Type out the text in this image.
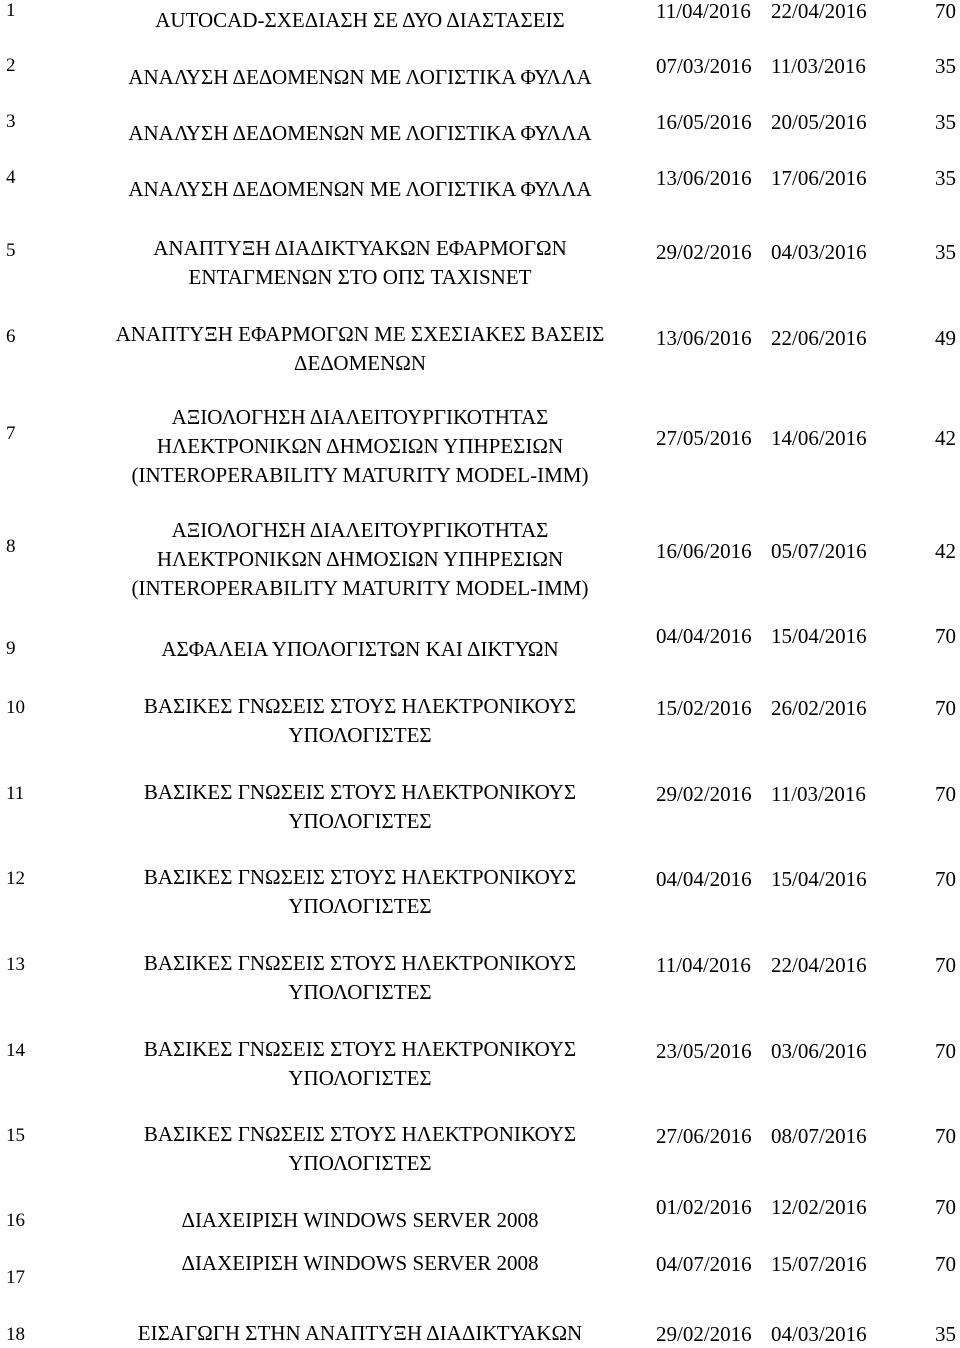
1	AUTOCAD-ΣΧΕΔΙΑΣΗ ΣΕ ΔΥΟ ΔΙΑΣΤΑΣΕΙΣ	11/04/2016 22/04/2016	70
2	ΑΝΑΛΥΣΗ ΔΕΔΟΜΕΝΩΝ ΜΕ ΛΟΓΙΣΤΙΚΑ ΦΥΛΛΑ	07/03/2016 11/03/2016	35
3	ΑΝΑΛΥΣΗ ΔΕΔΟΜΕΝΩΝ ΜΕ ΛΟΓΙΣΤΙΚΑ ΦΥΛΛΑ	16/05/2016 20/05/2016	35
4	ΑΝΑΛΥΣΗ ΔΕΔΟΜΕΝΩΝ ΜΕ ΛΟΓΙΣΤΙΚΑ ΦΥΛΛΑ	13/06/2016 17/06/2016	35
5	ΑΝΑΠΤΥΞΗ ΔΙΑΔΙΚΤΥΑΚΩΝ ΕΦΑΡΜΟΓΩΝ
ΕΝΤΑΓΜΕΝΩΝ ΣΤΟ ΟΠΣ TAXISNET
29/02/2016 04/03/2016	35
6	ΑΝΑΠΤΥΞΗ ΕΦΑΡΜΟΓΩΝ ΜΕ ΣΧΕΣΙΑΚΕΣ ΒΑΣΕΙΣ
ΔΕΔΟΜΕΝΩΝ
13/06/2016 22/06/2016	49
7
ΑΞΙΟΛΟΓΗΣΗ ΔΙΑΛΕΙΤΟΥΡΓΙΚΟΤΗΤΑΣ
ΗΛΕΚΤΡΟΝΙΚΩΝ ΔΗΜΟΣΙΩΝ ΥΠΗΡΕΣΙΩΝ
(INTEROPERABILITY MATURITY MODEL-IMM)
27/05/2016 14/06/2016	42
8
ΑΞΙΟΛΟΓΗΣΗ ΔΙΑΛΕΙΤΟΥΡΓΙΚΟΤΗΤΑΣ
ΗΛΕΚΤΡΟΝΙΚΩΝ ΔΗΜΟΣΙΩΝ ΥΠΗΡΕΣΙΩΝ
(INTEROPERABILITY MATURITY MODEL-IMM)
16/06/2016 05/07/2016	42
9	ΑΣΦΑΛΕΙΑ ΥΠΟΛΟΓΙΣΤΩΝ ΚΑΙ ΔΙΚΤΥΩΝ
04/04/2016 15/04/2016	70
10	ΒΑΣΙΚΕΣ ΓΝΩΣΕΙΣ ΣΤΟΥΣ ΗΛΕΚΤΡΟΝΙΚΟΥΣ
ΥΠΟΛΟΓΙΣΤΕΣ
15/02/2016 26/02/2016	70
11	ΒΑΣΙΚΕΣ ΓΝΩΣΕΙΣ ΣΤΟΥΣ ΗΛΕΚΤΡΟΝΙΚΟΥΣ
ΥΠΟΛΟΓΙΣΤΕΣ
29/02/2016 11/03/2016	70
12	ΒΑΣΙΚΕΣ ΓΝΩΣΕΙΣ ΣΤΟΥΣ ΗΛΕΚΤΡΟΝΙΚΟΥΣ
ΥΠΟΛΟΓΙΣΤΕΣ
04/04/2016 15/04/2016	70
13	ΒΑΣΙΚΕΣ ΓΝΩΣΕΙΣ ΣΤΟΥΣ ΗΛΕΚΤΡΟΝΙΚΟΥΣ
ΥΠΟΛΟΓΙΣΤΕΣ
11/04/2016 22/04/2016	70
14	ΒΑΣΙΚΕΣ ΓΝΩΣΕΙΣ ΣΤΟΥΣ ΗΛΕΚΤΡΟΝΙΚΟΥΣ
ΥΠΟΛΟΓΙΣΤΕΣ
23/05/2016 03/06/2016	70
15	ΒΑΣΙΚΕΣ ΓΝΩΣΕΙΣ ΣΤΟΥΣ ΗΛΕΚΤΡΟΝΙΚΟΥΣ
ΥΠΟΛΟΓΙΣΤΕΣ
27/06/2016 08/07/2016	70
16	ΔΙΑΧΕΙΡΙΣΗ WINDOWS SERVER 2008
01/02/2016 12/02/2016	70
17
ΔΙΑΧΕΙΡΙΣΗ WINDOWS SERVER 2008	04/07/2016 15/07/2016	70
18	ΕΙΣΑΓΩΓΗ ΣΤΗΝ ΑΝΑΠΤΥΞΗ ΔΙΑΔΙΚΤΥΑΚΩΝ	29/02/2016 04/03/2016	35
